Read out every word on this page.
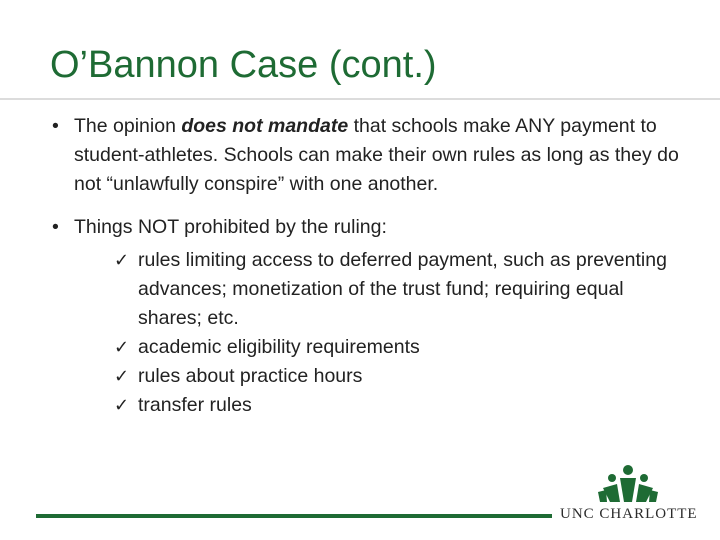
O’Bannon Case (cont.)

• The opinion does not mandate that schools make ANY payment to student-athletes. Schools can make their own rules as long as they do not “unlawfully conspire” with one another.

• Things NOT prohibited by the ruling:
✓ rules limiting access to deferred payment, such as preventing advances; monetization of the trust fund; requiring equal shares; etc.
✓ academic eligibility requirements
✓ rules about practice hours
✓ transfer rules
UNC CHARLOTTE
